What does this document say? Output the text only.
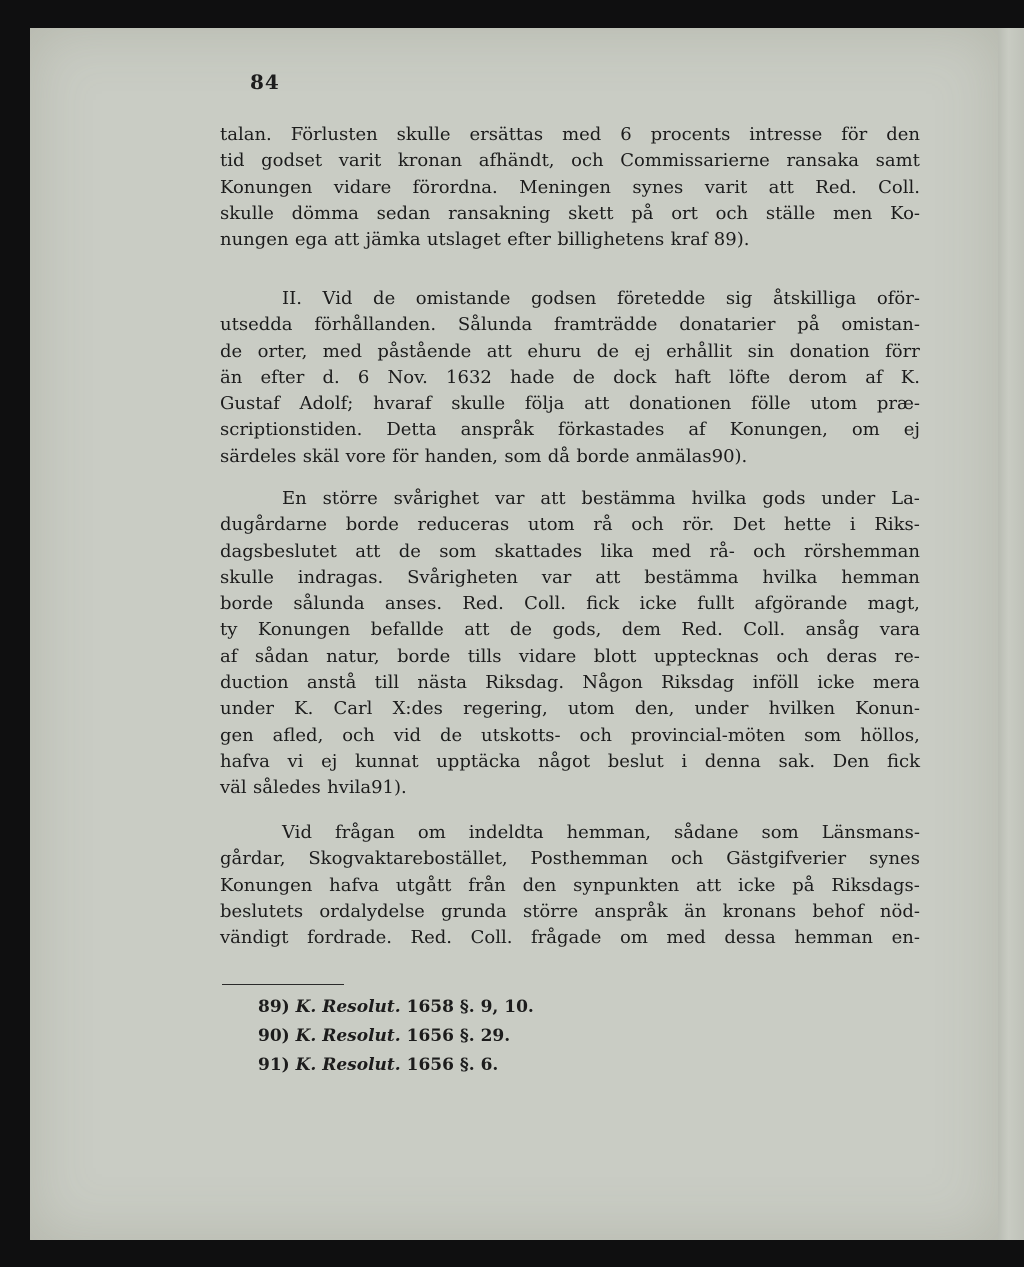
84
talan. Förlusten skulle ersättas med 6 procents intresse för den
tid godset varit kronan afhändt, och Commissarierne ransaka samt
Konungen vidare förordna. Meningen synes varit att Red. Coll.
skulle dömma sedan ransakning skett på ort och ställe men Ko-
nungen ega att jämka utslaget efter billighetens kraf 89).
II. Vid de omistande godsen företedde sig åtskilliga oför-
utsedda förhållanden. Sålunda framträdde donatarier på omistan-
de orter, med påstående att ehuru de ej erhållit sin donation förr
än efter d. 6 Nov. 1632 hade de dock haft löfte derom af K.
Gustaf Adolf; hvaraf skulle följa att donationen fölle utom præ-
scriptionstiden. Detta anspråk förkastades af Konungen, om ej
särdeles skäl vore för handen, som då borde anmälas90).
En större svårighet var att bestämma hvilka gods under La-
dugårdarne borde reduceras utom rå och rör. Det hette i Riks-
dagsbeslutet att de som skattades lika med rå- och rörshemman
skulle indragas. Svårigheten var att bestämma hvilka hemman
borde sålunda anses. Red. Coll. fick icke fullt afgörande magt,
ty Konungen befallde att de gods, dem Red. Coll. ansåg vara
af sådan natur, borde tills vidare blott upptecknas och deras re-
duction anstå till nästa Riksdag. Någon Riksdag inföll icke mera
under K. Carl X:des regering, utom den, under hvilken Konun-
gen afled, och vid de utskotts- och provincial-möten som höllos,
hafva vi ej kunnat upptäcka något beslut i denna sak. Den fick
väl således hvila91).
Vid frågan om indeldta hemman, sådane som Länsmans-
gårdar, Skogvaktarebostället, Posthemman och Gästgifverier synes
Konungen hafva utgått från den synpunkten att icke på Riksdags-
beslutets ordalydelse grunda större anspråk än kronans behof nöd-
vändigt fordrade. Red. Coll. frågade om med dessa hemman en-
89) K. Resolut. 1658 §. 9, 10.
90) K. Resolut. 1656 §. 29.
91) K. Resolut. 1656 §. 6.
